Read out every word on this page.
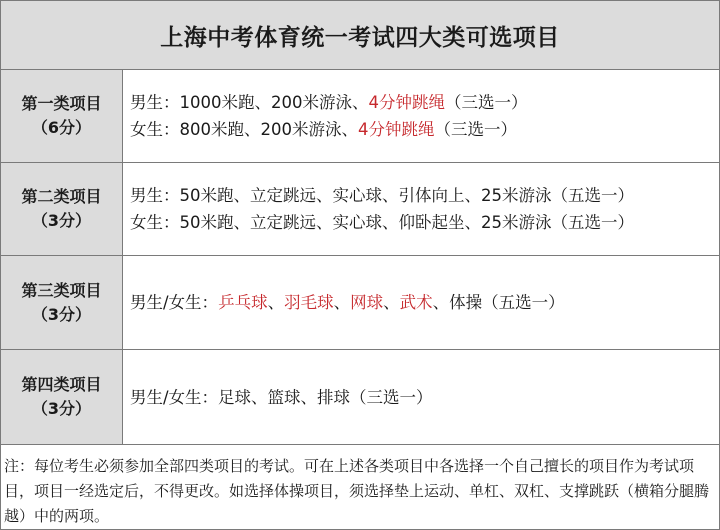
上海中考体育统一考试四大类可选项目
第一类项目
（6分）
男生：1000米跑、200米游泳、4分钟跳绳（三选一）
女生：800米跑、200米游泳、4分钟跳绳（三选一）
第二类项目
（3分）
男生：50米跑、立定跳远、实心球、引体向上、25米游泳（五选一）
女生：50米跑、立定跳远、实心球、仰卧起坐、25米游泳（五选一）
第三类项目
（3分）
男生/女生：乒乓球、羽毛球、网球、武术、体操（五选一）
第四类项目
（3分）
男生/女生：足球、篮球、排球（三选一）
注：每位考生必须参加全部四类项目的考试。可在上述各类项目中各选择一个自己擅长的项目作为考试项目，项目一经选定后，不得更改。如选择体操项目，须选择垫上运动、单杠、双杠、支撑跳跃（横箱分腿腾越）中的两项。
